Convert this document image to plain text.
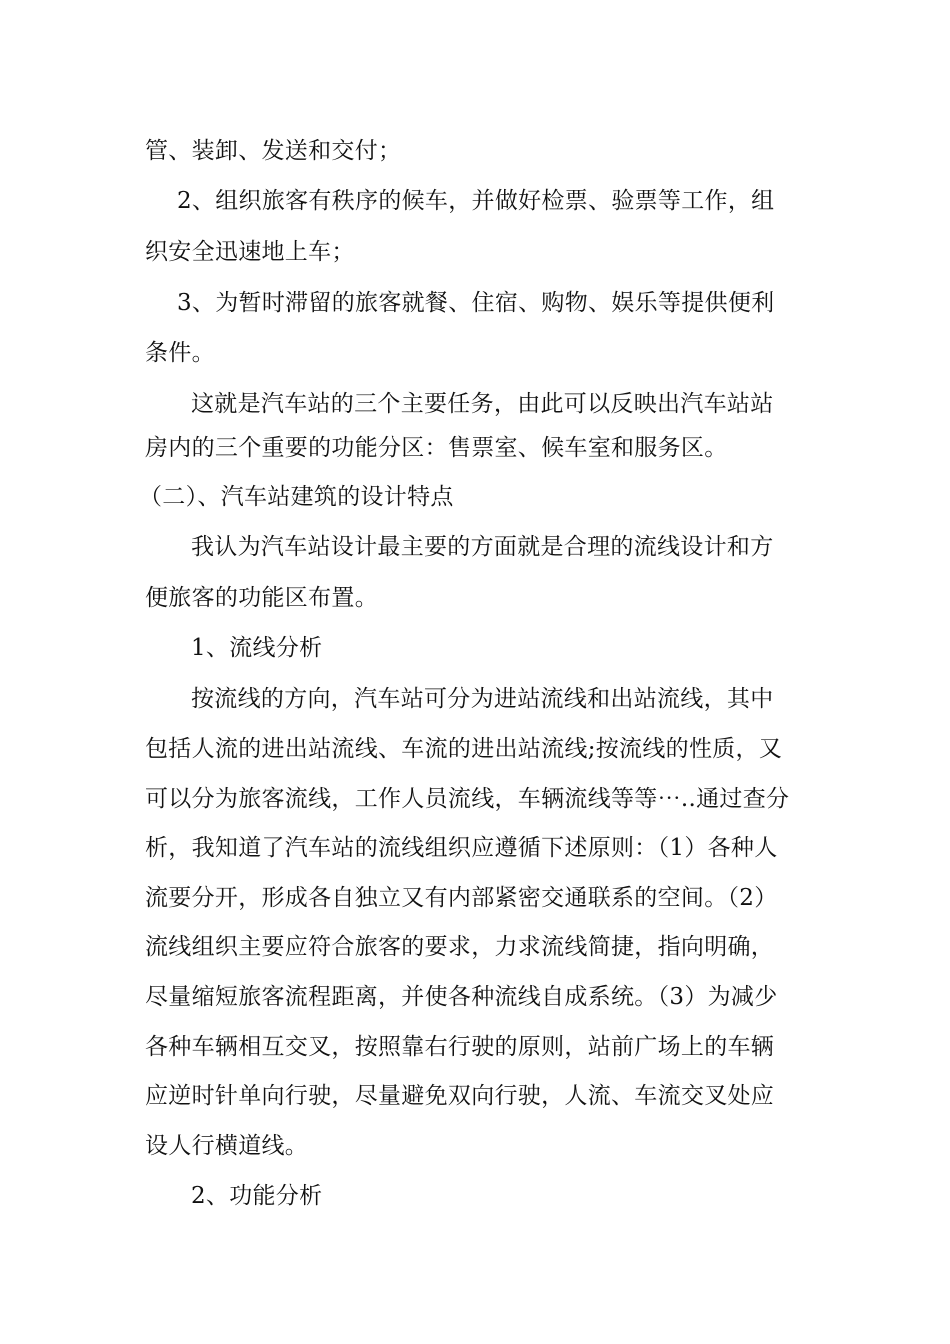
管、装卸、发送和交付；
2、组织旅客有秩序的候车，并做好检票、验票等工作，组
织安全迅速地上车；
3、为暂时滞留的旅客就餐、住宿、购物、娱乐等提供便利
条件。
这就是汽车站的三个主要任务，由此可以反映出汽车站站
房内的三个重要的功能分区：售票室、候车室和服务区。
（二）、汽车站建筑的设计特点
我认为汽车站设计最主要的方面就是合理的流线设计和方
便旅客的功能区布置。
1、流线分析
按流线的方向，汽车站可分为进站流线和出站流线，其中
包括人流的进出站流线、车流的进出站流线;按流线的性质，又
可以分为旅客流线，工作人员流线，车辆流线等等⋯..通过查分
析，我知道了汽车站的流线组织应遵循下述原则：（1）各种人
流要分开，形成各自独立又有内部紧密交通联系的空间。（2）
流线组织主要应符合旅客的要求，力求流线简捷，指向明确，
尽量缩短旅客流程距离，并使各种流线自成系统。（3）为减少
各种车辆相互交叉，按照靠右行驶的原则，站前广场上的车辆
应逆时针单向行驶，尽量避免双向行驶，人流、车流交叉处应
设人行横道线。
2、功能分析
